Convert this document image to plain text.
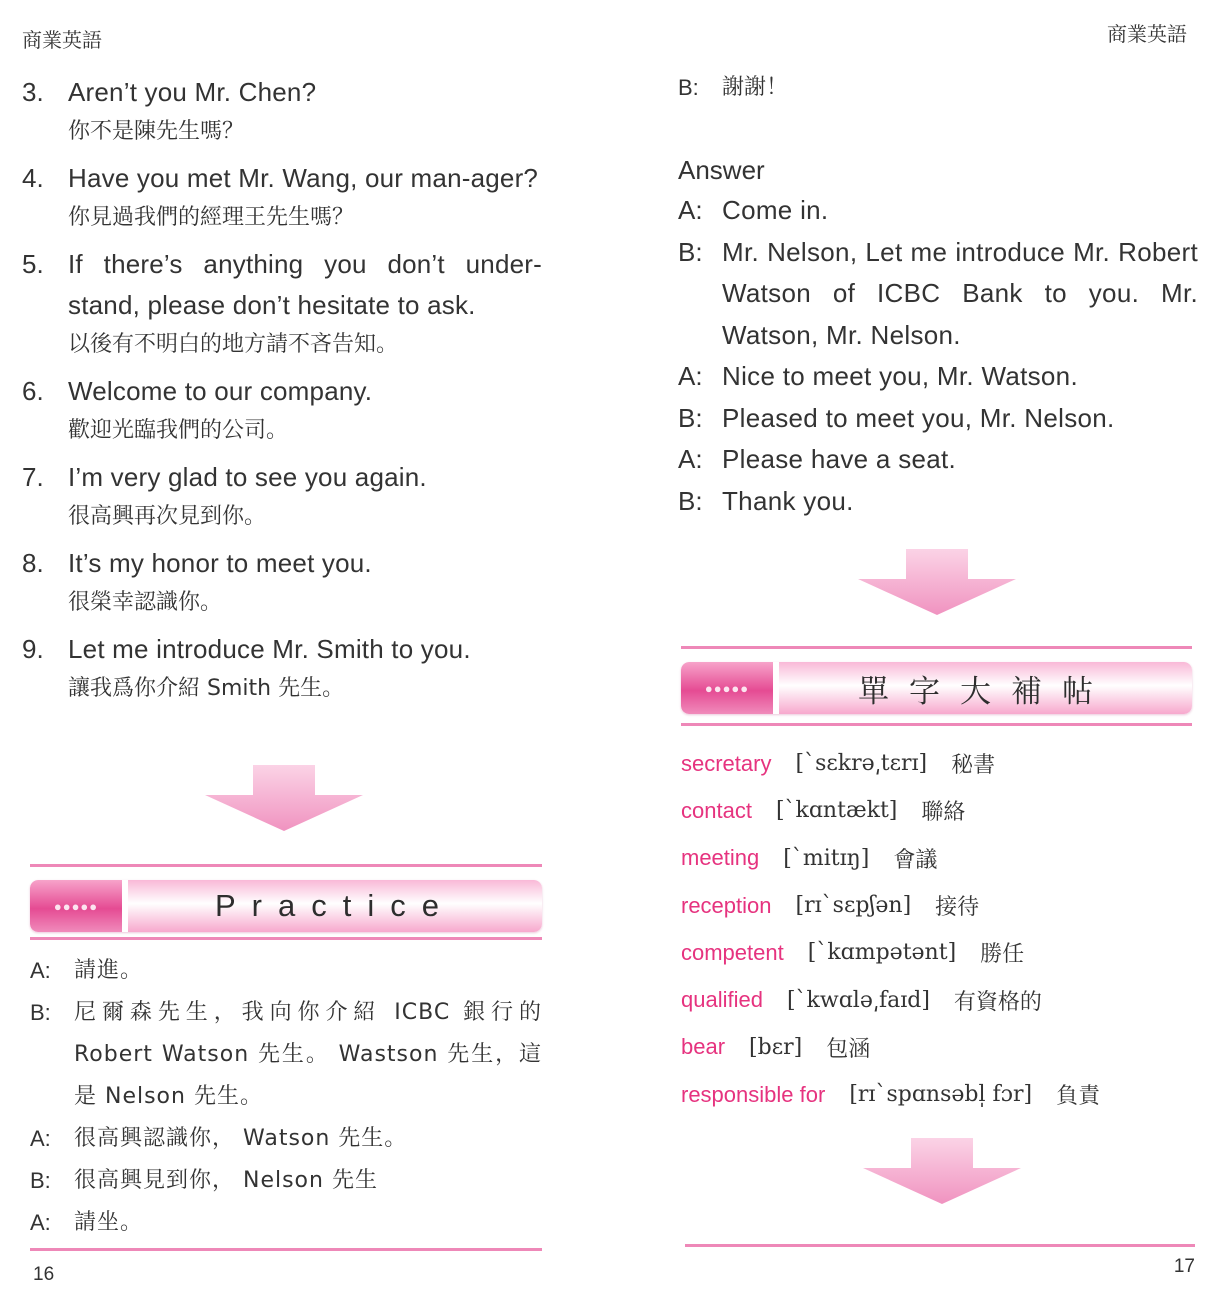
商業英語
3. Aren’t you Mr. Chen?
你不是陳先生嗎？
4. Have you met Mr. Wang, our man-ager?
你見過我們的經理王先生嗎？
5. If there’s anything you don’t under-stand, please don’t hesitate to ask.
以後有不明白的地方請不吝告知。
6. Welcome to our company.
歡迎光臨我們的公司。
7. I’m very glad to see you again.
很高興再次見到你。
8. It’s my honor to meet you.
很榮幸認識你。
9. Let me introduce Mr. Smith to you.
讓我爲你介紹 Smith 先生。
●●●●●	Practice
A:	請進。
B:	尼爾森先生，我向你介紹 ICBC 銀行的 Robert Watson 先生。 Wastson 先生，這是 Nelson 先生。
A:	很高興認識你， Watson 先生。
B:	很高興見到你， Nelson 先生
A:	請坐。
16
商業英語
B:	謝謝！
Answer
A: Come in.
B: Mr. Nelson, Let me introduce Mr. Robert Watson of ICBC Bank to you. Mr. Watson, Mr. Nelson.
A: Nice to meet you, Mr. Watson.
B: Pleased to meet you, Mr. Nelson.
A: Please have a seat.
B: Thank you.
●●●●●	單字大補帖
secretary [ˋsɛkrə͵tɛrɪ] 秘書
contact [ˋkɑntækt] 聯絡
meeting [ˋmitɪŋ] 會議
reception [rɪˋsɛpʃən] 接待
competent [ˋkɑmpətənt] 勝任
qualified [ˋkwɑlə͵faɪd] 有資格的
bear [bɛr] 包涵
responsible for [rɪˋspɑnsəbl̩ fɔr] 負責
17
